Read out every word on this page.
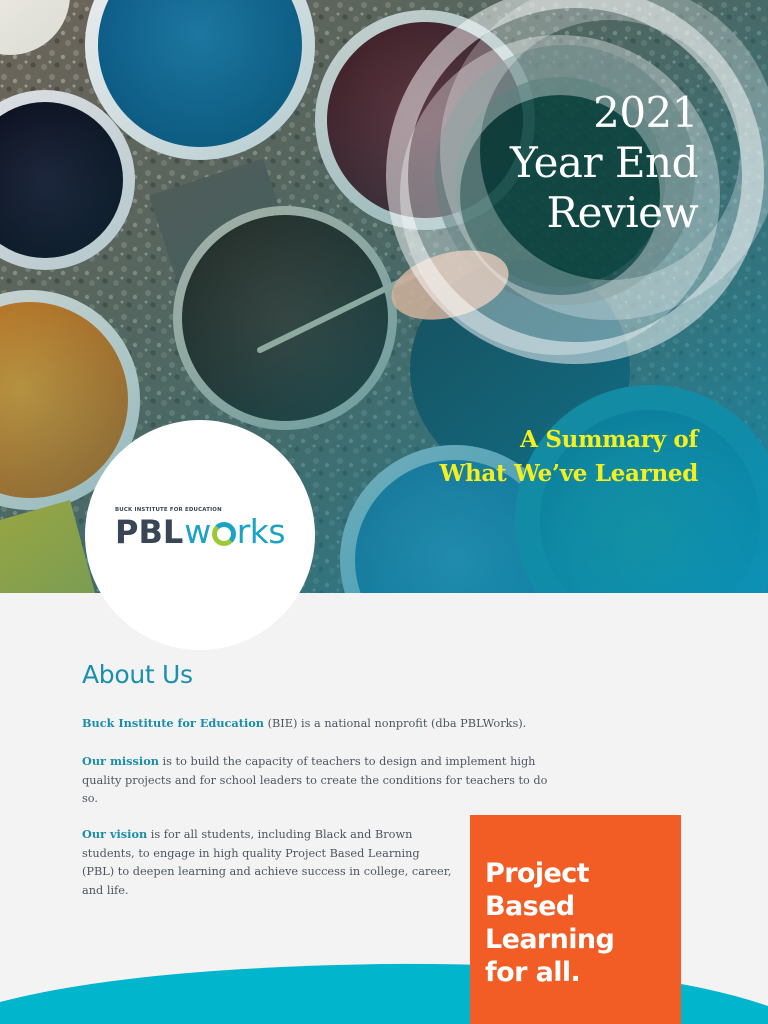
2021
Year End
Review
A Summary of
What We’ve Learned
BUCK INSTITUTE FOR EDUCATION
PBL w rks
About Us

Buck Institute for Education (BIE) is a national nonprofit (dba PBLWorks).

Our mission is to build the capacity of teachers to design and implement high quality projects and for school leaders to create the conditions for teachers to do so.

Our vision is for all students, including Black and Brown students, to engage in high quality Project Based Learning (PBL) to deepen learning and achieve success in college, career, and life.

Project
Based
Learning
for all.
